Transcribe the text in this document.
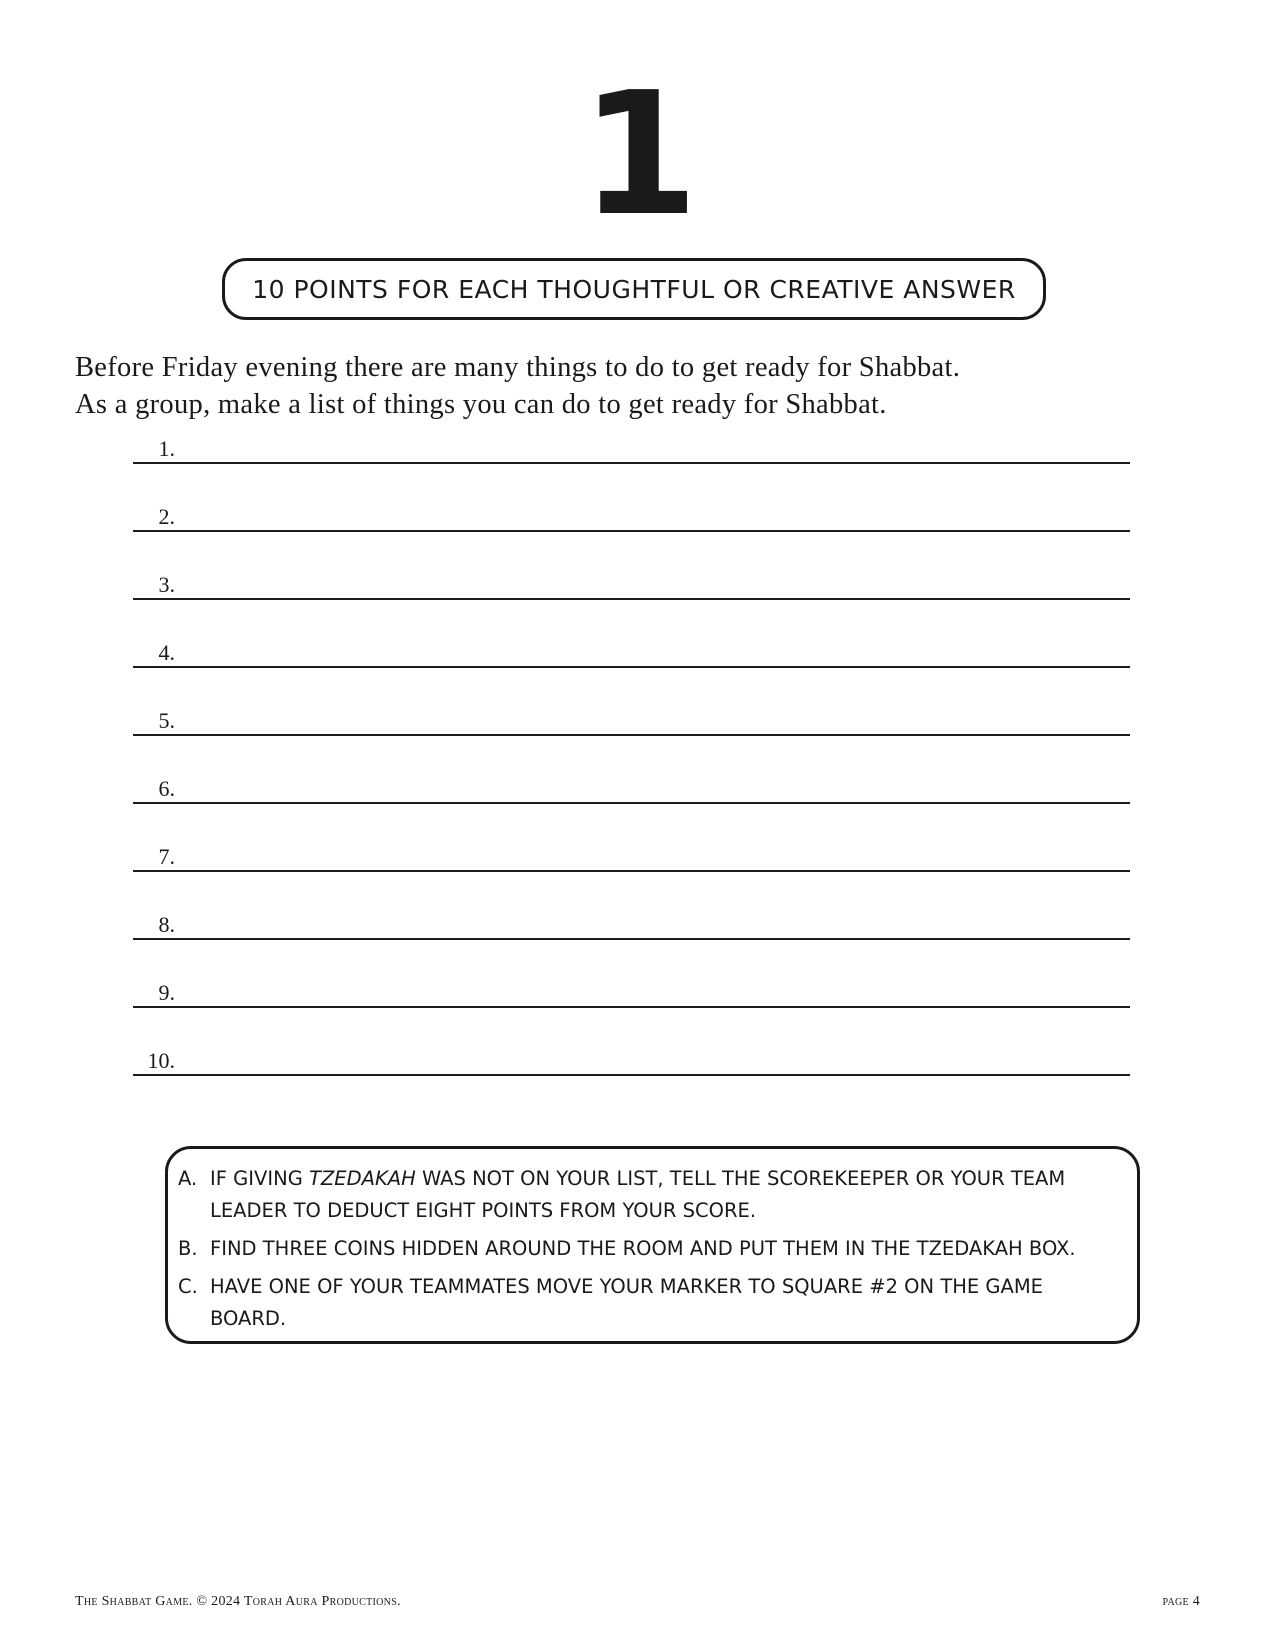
1
10 POINTS FOR EACH THOUGHTFUL OR CREATIVE ANSWER

Before Friday evening there are many things to do to get ready for Shabbat.

As a group, make a list of things you can do to get ready for Shabbat.

1.
2.
3.
4.
5.
6.
7.
8.
9.
10.
A. IF GIVING TZEDAKAH WAS NOT ON YOUR LIST, TELL THE SCOREKEEPER OR YOUR TEAM LEADER TO DEDUCT EIGHT POINTS FROM YOUR SCORE.
B. FIND THREE COINS HIDDEN AROUND THE ROOM AND PUT THEM IN THE TZEDAKAH BOX.
C. HAVE ONE OF YOUR TEAMMATES MOVE YOUR MARKER TO SQUARE #2 ON THE GAME BOARD.
The Shabbat Game. © 2024 Torah Aura Productions.	page 4
